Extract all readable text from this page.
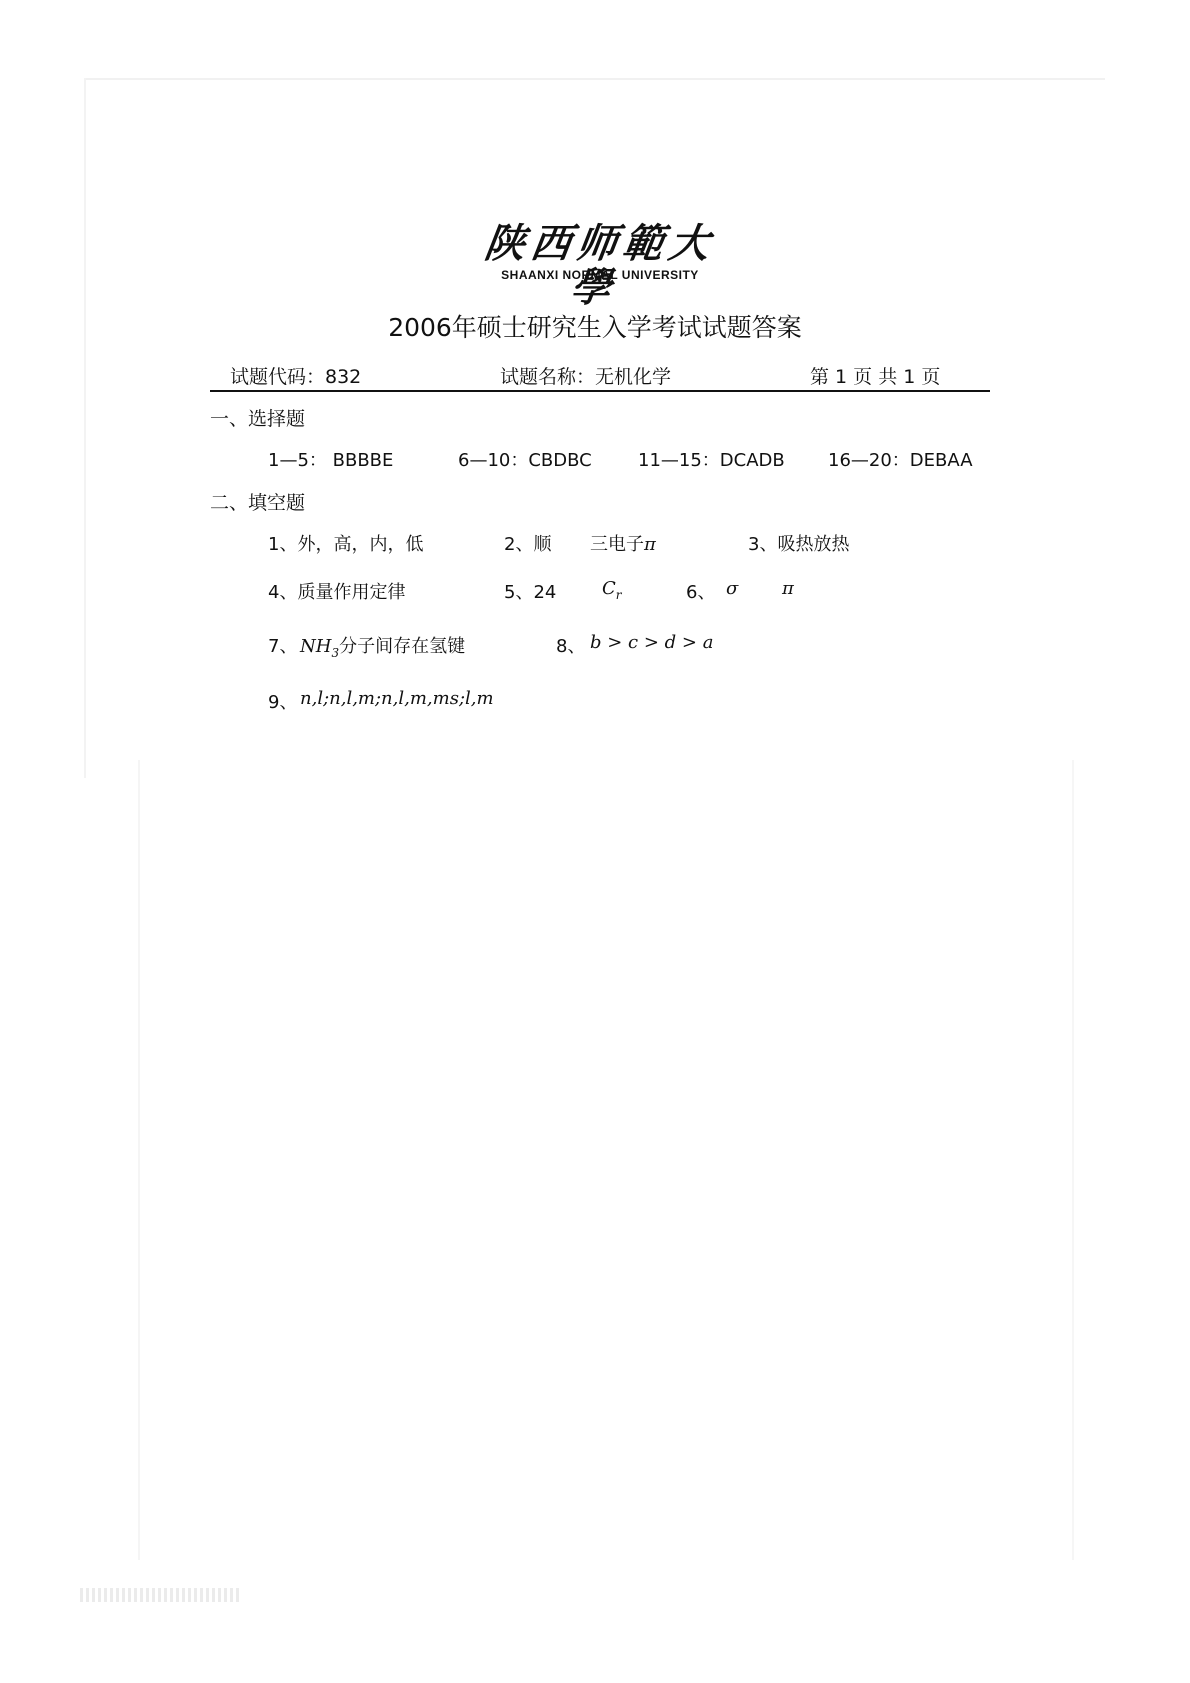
陕西师範大學
SHAANXI NORMAL UNIVERSITY
2006年硕士研究生入学考试试题答案
试题代码：832	试题名称：无机化学	第 1 页 共 1 页
一、选择题
1—5： BBBBE	6—10：CBDBC	11—15：DCADB 16—20：DEBAA
二、填空题
1、外，高，内，低	2、顺 三电子π	3、吸热放热
4、质量作用定律	5、24	$C_r$	6、 σ π
7、 $NH_3$分子间存在氢键	8、 b > c > d > a
9、 n,l;n,l,m;n,l,m,ms;l,m
